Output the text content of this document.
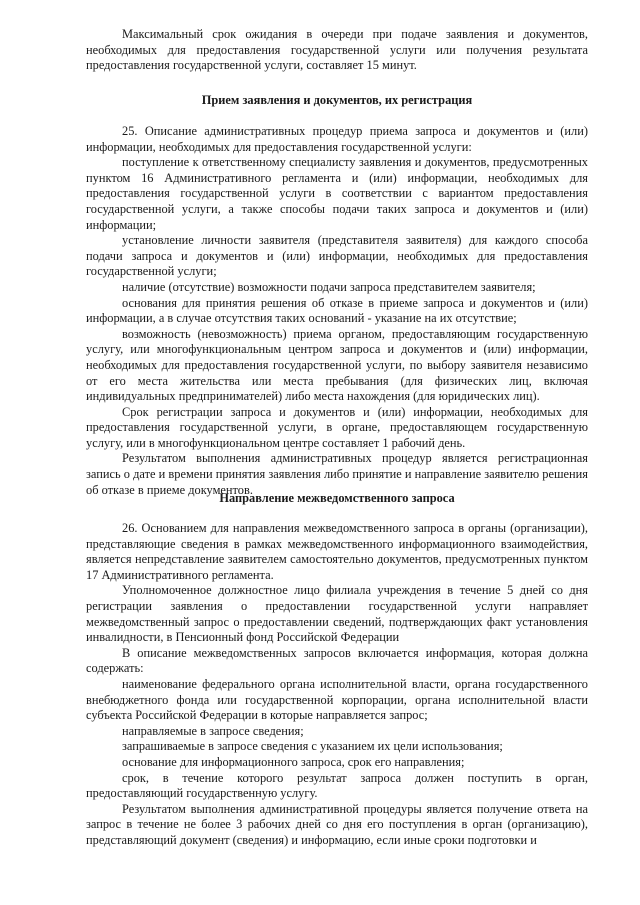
Максимальный срок ожидания в очереди при подаче заявления и документов, необходимых для предоставления государственной услуги или получения результата предоставления государственной услуги, составляет 15 минут.

Прием заявления и документов, их регистрация

25. Описание административных процедур приема запроса и документов и (или) информации, необходимых для предоставления государственной услуги:

поступление к ответственному специалисту заявления и документов, предусмотренных пунктом 16 Административного регламента и (или) информации, необходимых для предоставления государственной услуги в соответствии с вариантом предоставления государственной услуги, а также способы подачи таких запроса и документов и (или) информации;

установление личности заявителя (представителя заявителя) для каждого способа подачи запроса и документов и (или) информации, необходимых для предоставления государственной услуги;

наличие (отсутствие) возможности подачи запроса представителем заявителя;

основания для принятия решения об отказе в приеме запроса и документов и (или) информации, а в случае отсутствия таких оснований - указание на их отсутствие;

возможность (невозможность) приема органом, предоставляющим государственную услугу, или многофункциональным центром запроса и документов и (или) информации, необходимых для предоставления государственной услуги, по выбору заявителя независимо от его места жительства или места пребывания (для физических лиц, включая индивидуальных предпринимателей) либо места нахождения (для юридических лиц).

Срок регистрации запроса и документов и (или) информации, необходимых для предоставления государственной услуги, в органе, предоставляющем государственную услугу, или в многофункциональном центре составляет 1 рабочий день.

Результатом выполнения административных процедур является регистрационная запись о дате и времени принятия заявления либо принятие и направление заявителю решения об отказе в приеме документов.

Направление межведомственного запроса

26. Основанием для направления межведомственного запроса в органы (организации), представляющие сведения в рамках межведомственного информационного взаимодействия, является непредставление заявителем самостоятельно документов, предусмотренных пунктом 17 Административного регламента.

Уполномоченное должностное лицо филиала учреждения в течение 5 дней со дня регистрации заявления о предоставлении государственной услуги направляет межведомственный запрос о предоставлении сведений, подтверждающих факт установления инвалидности, в Пенсионный фонд Российской Федерации

В описание межведомственных запросов включается информация, которая должна содержать:

наименование федерального органа исполнительной власти, органа государственного внебюджетного фонда или государственной корпорации, органа исполнительной власти субъекта Российской Федерации в которые направляется запрос;

направляемые в запросе сведения;

запрашиваемые в запросе сведения с указанием их цели использования;

основание для информационного запроса, срок его направления;

срок, в течение которого результат запроса должен поступить в орган, предоставляющий государственную услугу.

Результатом выполнения административной процедуры является получение ответа на запрос в течение не более 3 рабочих дней со дня его поступления в орган (организацию), представляющий документ (сведения) и информацию, если иные сроки подготовки и
